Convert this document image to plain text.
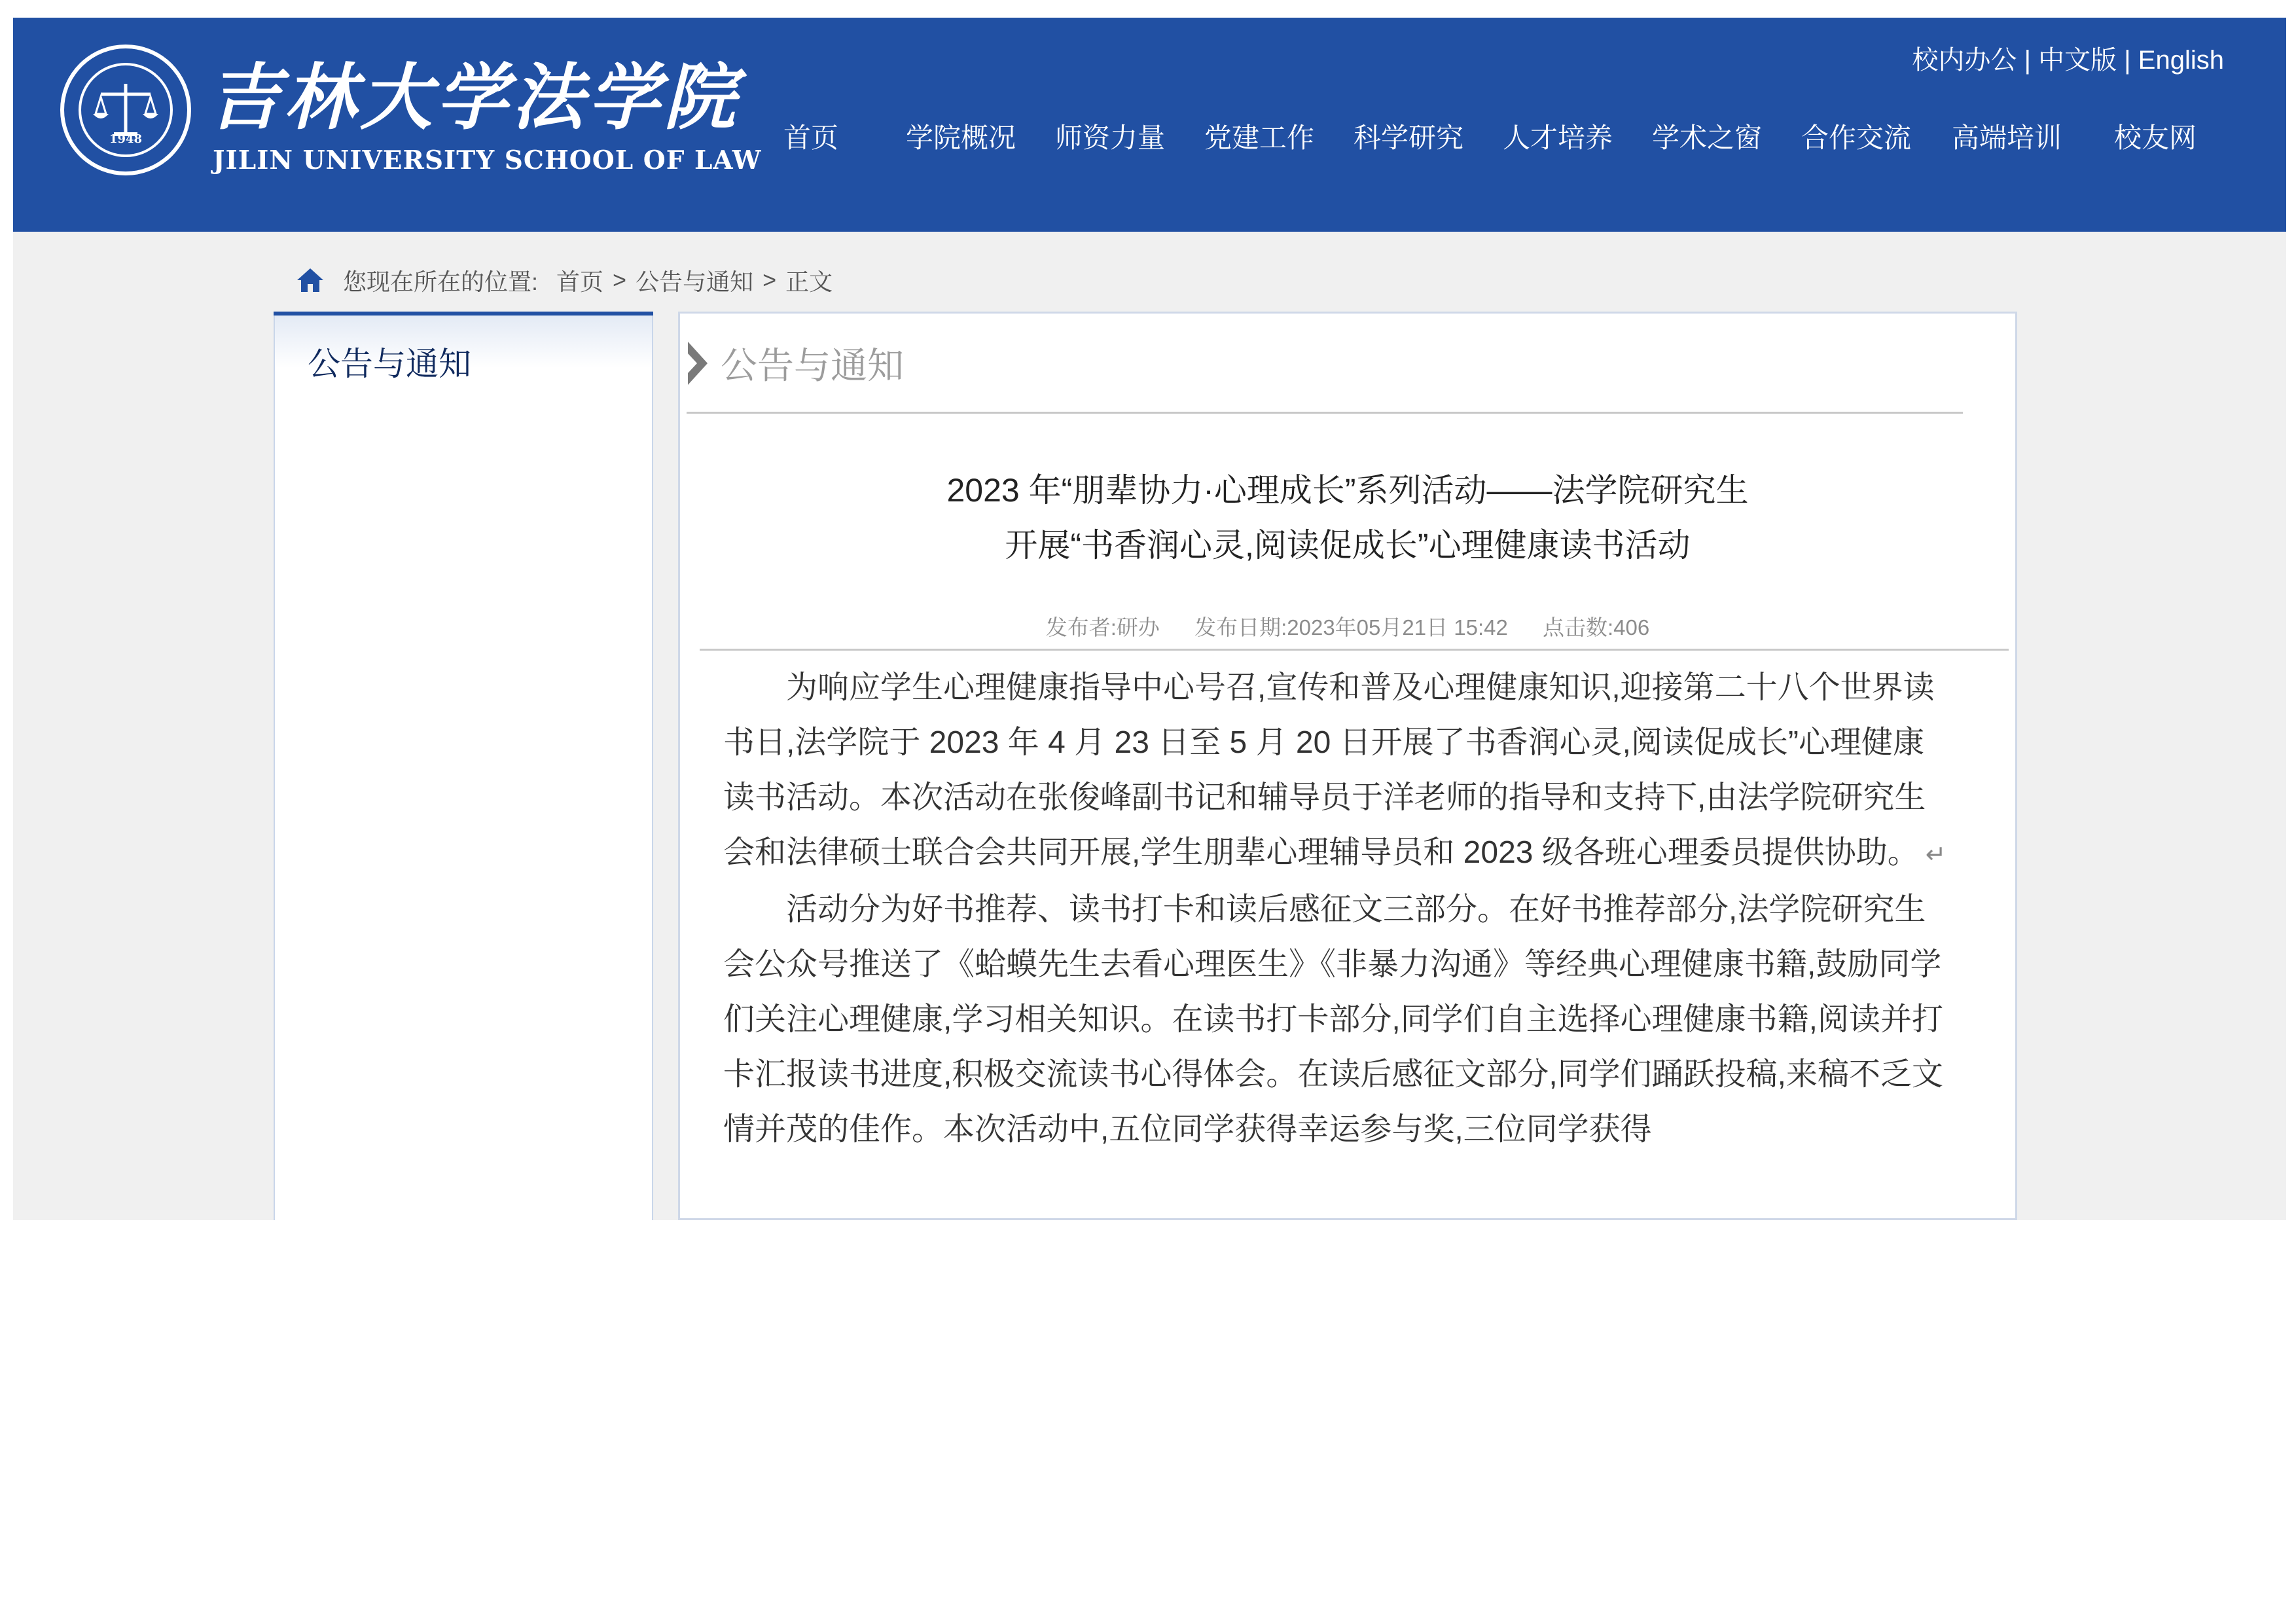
1948 吉林大学法学院
JILIN UNIVERSITY SCHOOL OF LAW
校内办公 | 中文版 | English
首页 学院概况 师资力量 党建工作 科学研究 人才培养 学术之窗 合作交流 高端培训 校友网
您现在所在的位置: 首页 > 公告与通知 > 正文
公告与通知	公告与通知
2023 年“朋辈协力·心理成长”系列活动——法学院研究生
开展“书香润心灵,阅读促成长”心理健康读书活动
发布者:研办 发布日期:2023年05月21日 15:42 点击数:406

为响应学生心理健康指导中心号召,宣传和普及心理健康知识,迎接第二十八个世界读书日,法学院于 2023 年 4 月 23 日至 5 月 20 日开展了书香润心灵,阅读促成长”心理健康读书活动。本次活动在张俊峰副书记和辅导员于洋老师的指导和支持下,由法学院研究生会和法律硕士联合会共同开展,学生朋辈心理辅导员和 2023 级各班心理委员提供协助。 ↵

活动分为好书推荐、读书打卡和读后感征文三部分。在好书推荐部分,法学院研究生会公众号推送了《蛤蟆先生去看心理医生》《非暴力沟通》等经典心理健康书籍,鼓励同学们关注心理健康,学习相关知识。在读书打卡部分,同学们自主选择心理健康书籍,阅读并打卡汇报读书进度,积极交流读书心得体会。在读后感征文部分,同学们踊跃投稿,来稿不乏文情并茂的佳作。本次活动中,五位同学获得幸运参与奖,三位同学获得
